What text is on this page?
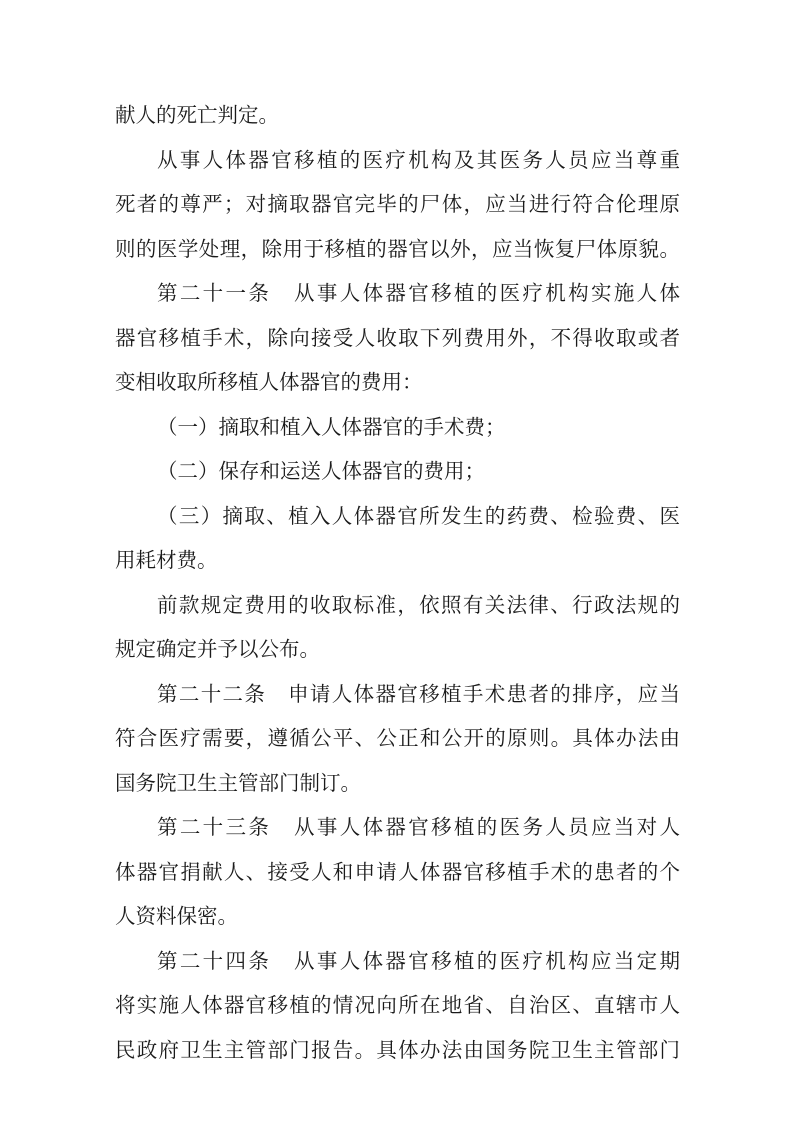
献人的死亡判定。
从事人体器官移植的医疗机构及其医务人员应当尊重
死者的尊严；对摘取器官完毕的尸体，应当进行符合伦理原
则的医学处理，除用于移植的器官以外，应当恢复尸体原貌。
第二十一条　从事人体器官移植的医疗机构实施人体
器官移植手术，除向接受人收取下列费用外，不得收取或者
变相收取所移植人体器官的费用：
（一）摘取和植入人体器官的手术费；
（二）保存和运送人体器官的费用；
（三）摘取、植入人体器官所发生的药费、检验费、医
用耗材费。
前款规定费用的收取标准，依照有关法律、行政法规的
规定确定并予以公布。
第二十二条　申请人体器官移植手术患者的排序，应当
符合医疗需要，遵循公平、公正和公开的原则。具体办法由
国务院卫生主管部门制订。
第二十三条　从事人体器官移植的医务人员应当对人
体器官捐献人、接受人和申请人体器官移植手术的患者的个
人资料保密。
第二十四条　从事人体器官移植的医疗机构应当定期
将实施人体器官移植的情况向所在地省、自治区、直辖市人
民政府卫生主管部门报告。具体办法由国务院卫生主管部门
